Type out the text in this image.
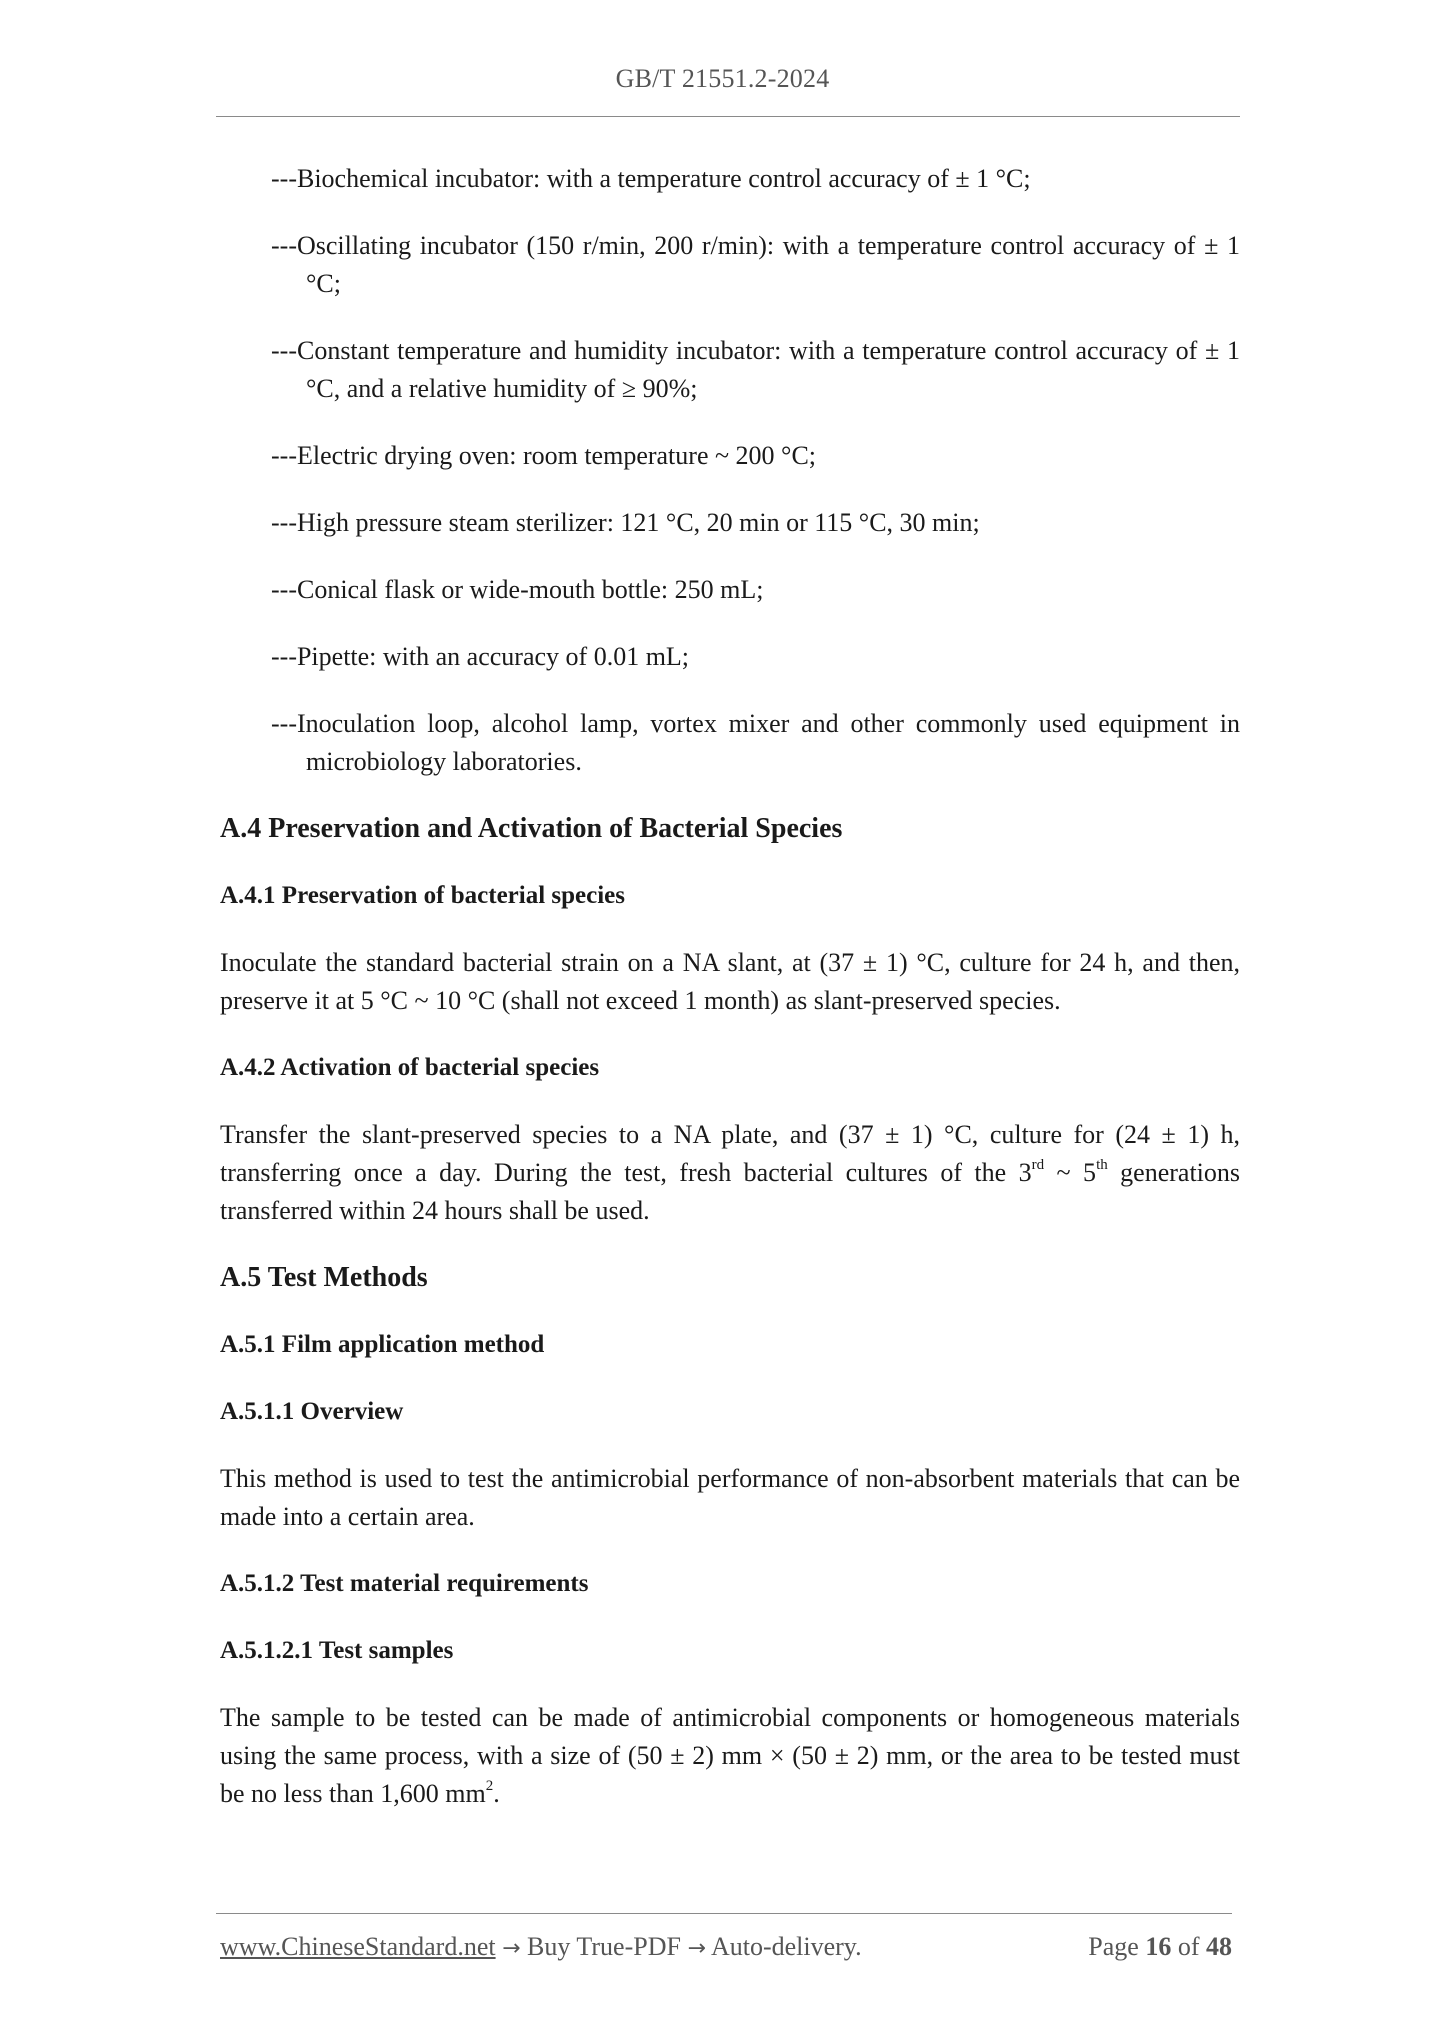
GB/T 21551.2-2024
---Biochemical incubator: with a temperature control accuracy of ± 1 °C;
---Oscillating incubator (150 r/min, 200 r/min): with a temperature control accuracy of ± 1 °C;
---Constant temperature and humidity incubator: with a temperature control accuracy of ± 1 °C, and a relative humidity of ≥ 90%;
---Electric drying oven: room temperature ~ 200 °C;
---High pressure steam sterilizer: 121 °C, 20 min or 115 °C, 30 min;
---Conical flask or wide-mouth bottle: 250 mL;
---Pipette: with an accuracy of 0.01 mL;
---Inoculation loop, alcohol lamp, vortex mixer and other commonly used equipment in microbiology laboratories.
A.4 Preservation and Activation of Bacterial Species
A.4.1 Preservation of bacterial species
Inoculate the standard bacterial strain on a NA slant, at (37 ± 1) °C, culture for 24 h, and then, preserve it at 5 °C ~ 10 °C (shall not exceed 1 month) as slant-preserved species.
A.4.2 Activation of bacterial species
Transfer the slant-preserved species to a NA plate, and (37 ± 1) °C, culture for (24 ± 1) h, transferring once a day. During the test, fresh bacterial cultures of the 3rd ~ 5th generations transferred within 24 hours shall be used.
A.5 Test Methods
A.5.1 Film application method
A.5.1.1 Overview
This method is used to test the antimicrobial performance of non-absorbent materials that can be made into a certain area.
A.5.1.2 Test material requirements
A.5.1.2.1 Test samples
The sample to be tested can be made of antimicrobial components or homogeneous materials using the same process, with a size of (50 ± 2) mm × (50 ± 2) mm, or the area to be tested must be no less than 1,600 $mm^2$.
www.ChineseStandard.net → Buy True-PDF → Auto-delivery.	Page 16 of 48
